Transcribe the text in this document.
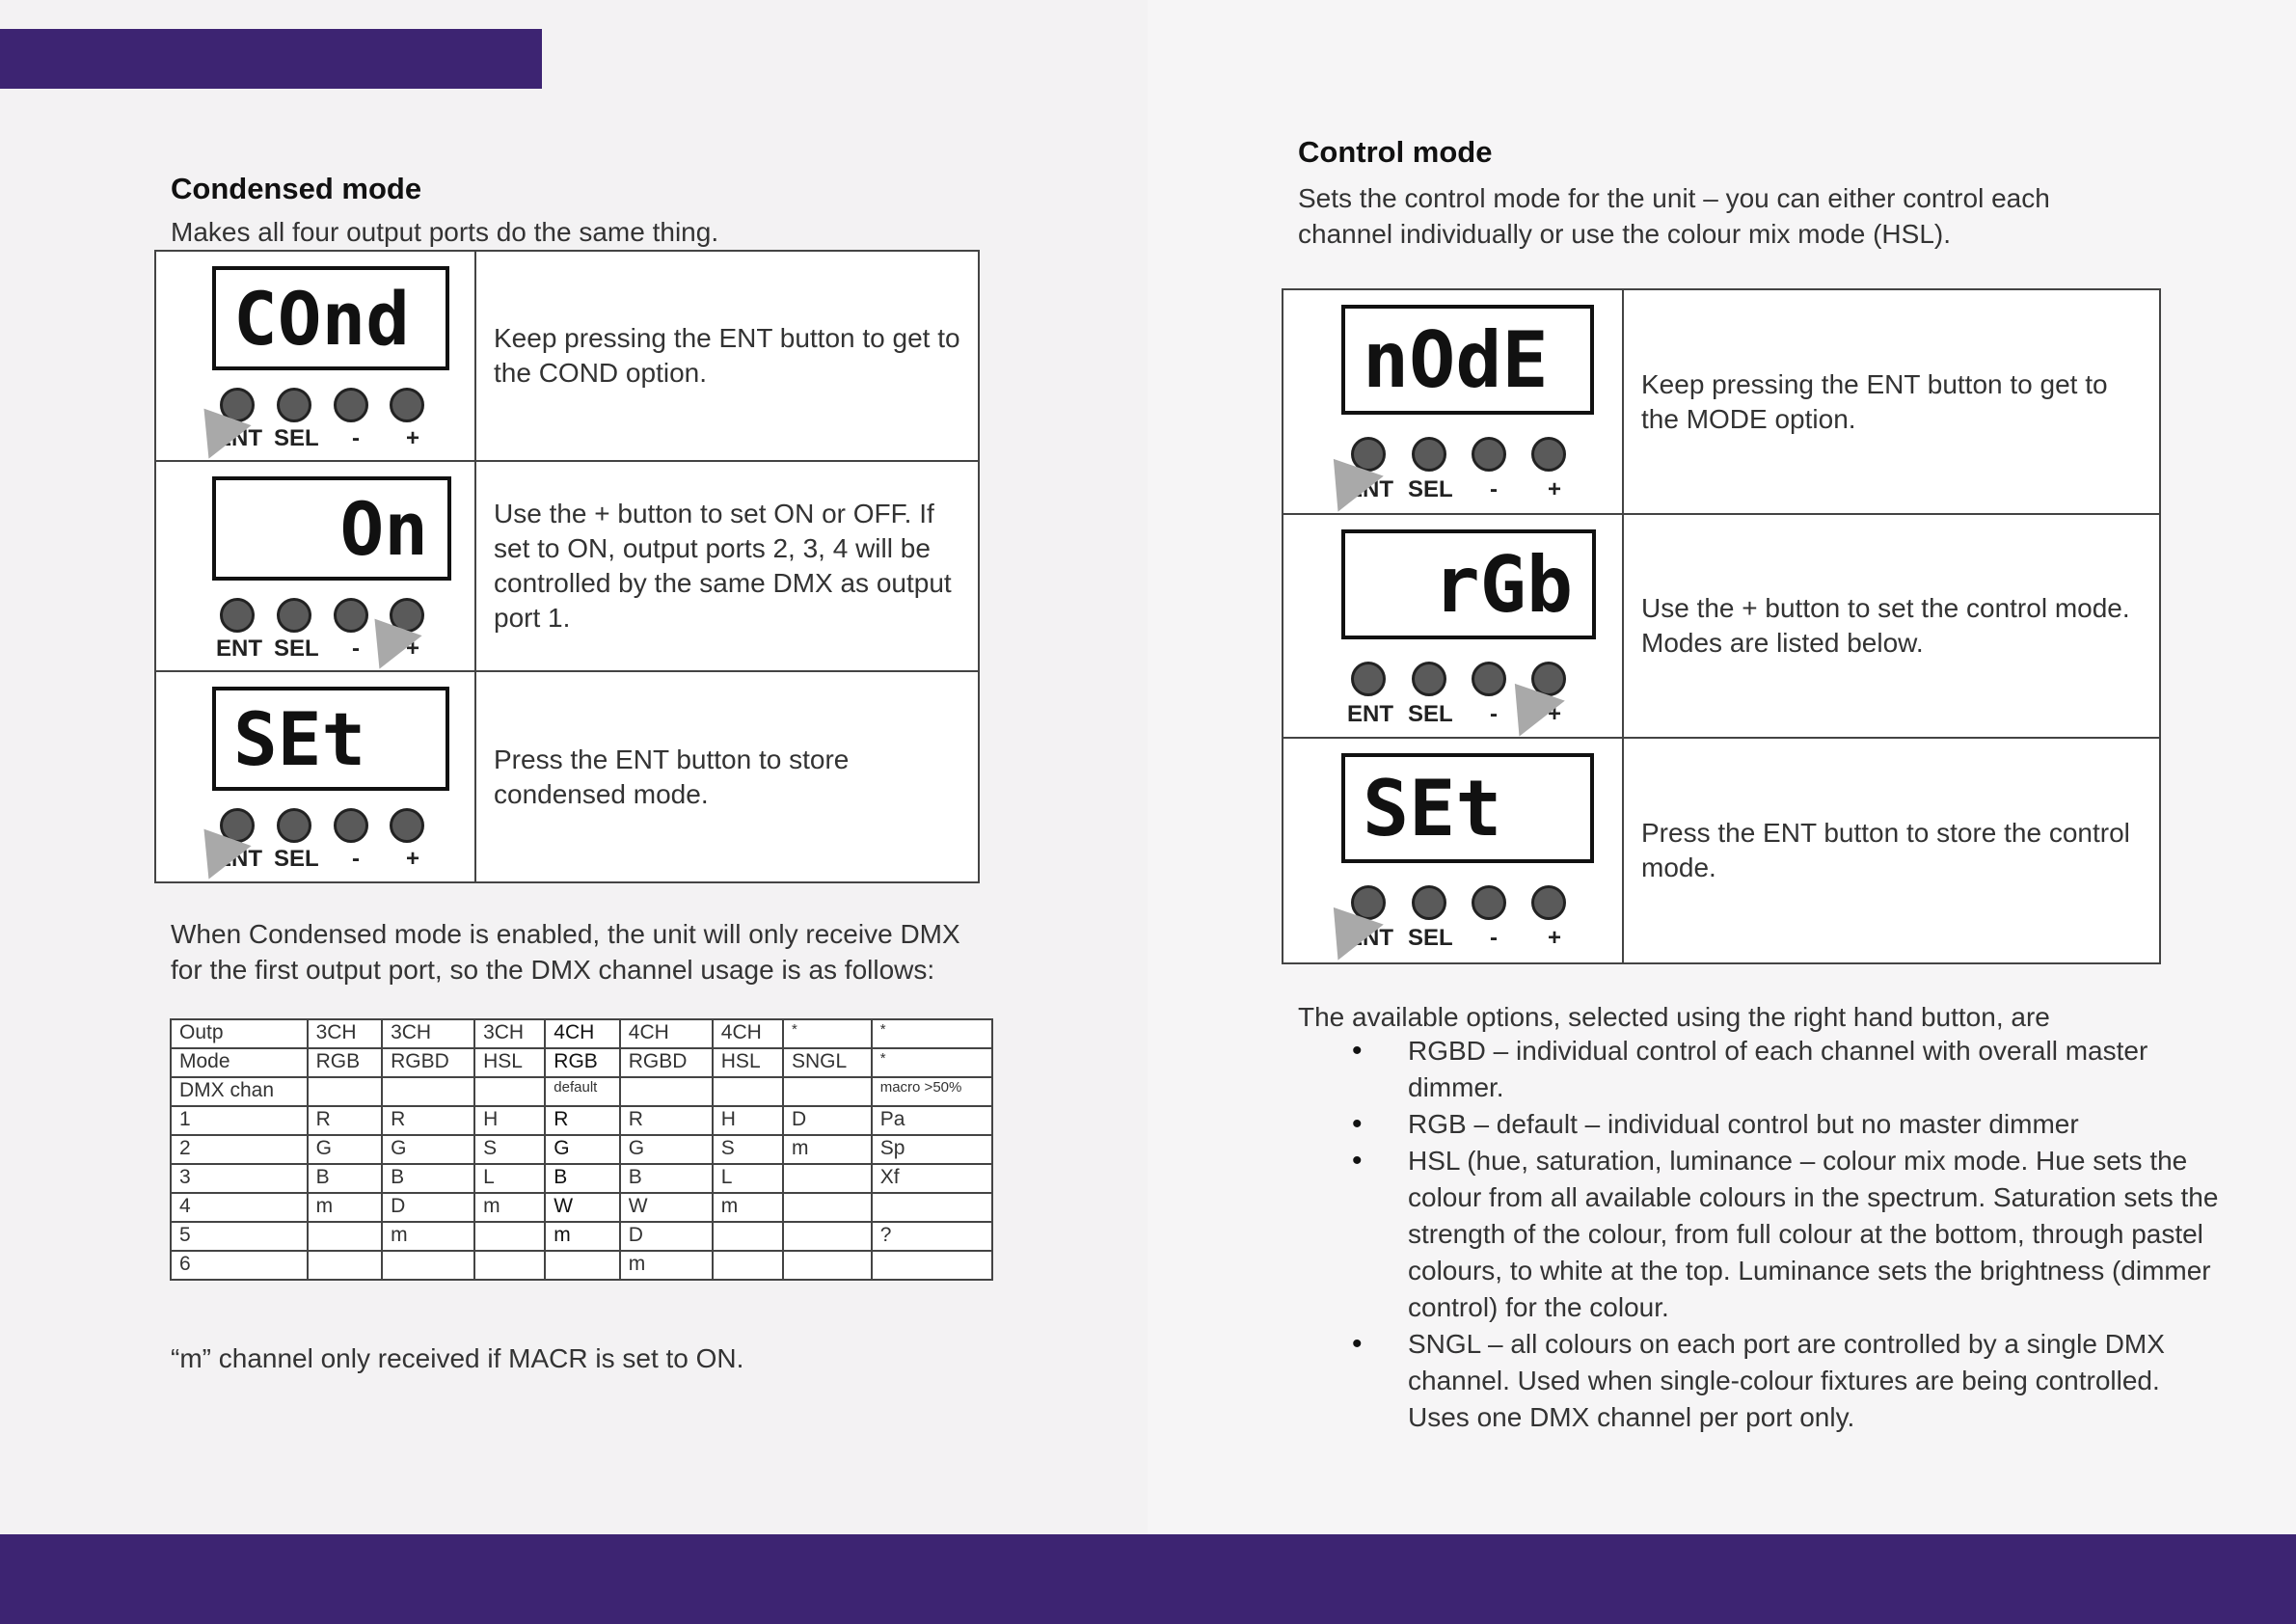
Condensed mode
Makes all four output ports do the same thing.
COnd
ENT SEL - +
Keep pressing the ENT button to get to the COND option.
On
ENT SEL - +
Use the + button to set ON or OFF. If set to ON, output ports 2, 3, 4 will be controlled by the same DMX as output port 1.
SEt
ENT SEL - +
Press the ENT button to store condensed mode.
When Condensed mode is enabled, the unit will only receive DMX for the first output port, so the DMX channel usage is as follows:
Outp	3CH	3CH	3CH	4CH	4CH	4CH	*	*
Mode	RGB	RGBD	HSL	RGB	RGBD	HSL	SNGL	*
DMX chan				default				macro >50%
1	R	R	H	R	R	H	D	Pa
2	G	G	S	G	G	S	m	Sp
3	B	B	L	B	B	L		Xf
4	m	D	m	W	W	m		
5		m		m	D			?
6					m			
“m” channel only received if MACR is set to ON.
Control mode
Sets the control mode for the unit – you can either control each channel individually or use the colour mix mode (HSL).
nOdE
ENT SEL - +
Keep pressing the ENT button to get to the MODE option.
rGb
ENT SEL - +
Use the + button to set the control mode. Modes are listed below.
SEt
ENT SEL - +
Press the ENT button to store the control mode.
The available options, selected using the right hand button, are
• RGBD – individual control of each channel with overall master dimmer.
• RGB – default – individual control but no master dimmer
• HSL (hue, saturation, luminance – colour mix mode. Hue sets the colour from all available colours in the spectrum. Saturation sets the strength of the colour, from full colour at the bottom, through pastel colours, to white at the top. Luminance sets the brightness (dimmer control) for the colour.
• SNGL – all colours on each port are controlled by a single DMX channel. Used when single-colour fixtures are being controlled. Uses one DMX channel per port only.
